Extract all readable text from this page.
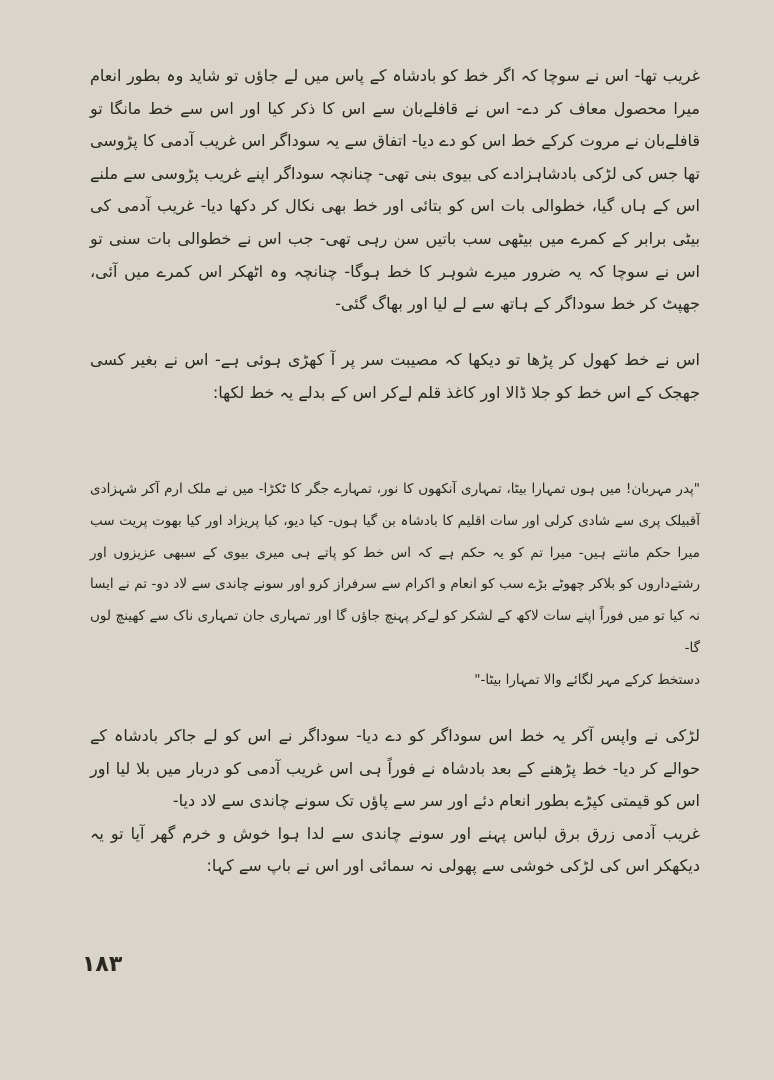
غریب تھا- اس نے سوچا کہ اگر خط کو بادشاہ کے پاس میں لے جاؤں تو شاید وہ بطور انعام میرا محصول معاف کر دے- اس نے قافلےبان سے اس کا ذکر کیا اور اس سے خط مانگا تو قافلےبان نے مروت کرکے خط اس کو دے دیا- اتفاق سے یہ سوداگر اس غریب آدمی کا پڑوسی تھا جس کی لڑکی بادشاہزادے کی بیوی بنی تھی- چنانچہ سوداگر اپنے غریب پڑوسی سے ملنے اس کے ہاں گیا، خطوالی بات اس کو بتائی اور خط بھی نکال کر دکھا دیا- غریب آدمی کی بیٹی برابر کے کمرے میں بیٹھی سب باتیں سن رہی تھی- جب اس نے خطوالی بات سنی تو اس نے سوچا کہ یہ ضرور میرے شوہر کا خط ہوگا- چنانچہ وہ اٹھکر اس کمرے میں آئی، جھپٹ کر خط سوداگر کے ہاتھ سے لے لیا اور بھاگ گئی-

اس نے خط کھول کر پڑھا تو دیکھا کہ مصیبت سر پر آ کھڑی ہوئی ہے- اس نے بغیر کسی جھجک کے اس خط کو جلا ڈالا اور کاغذ قلم لےکر اس کے بدلے یہ خط لکھا:

"پدر مہربان! میں ہوں تمہارا بیٹا، تمہاری آنکھوں کا نور، تمہارے جگر کا ٹکڑا- میں نے ملک ارم آکر شہزادی آقبیلک پری سے شادی کرلی اور سات اقلیم کا بادشاہ بن گیا ہوں- کیا دیو، کیا پریزاد اور کیا بھوت پریت سب میرا حکم مانتے ہیں- میرا تم کو یہ حکم ہے کہ اس خط کو پاتے ہی میری بیوی کے سبھی عزیزوں اور رشتےداروں کو بلاکر چھوٹے بڑے سب کو انعام و اکرام سے سرفراز کرو اور سونے چاندی سے لاد دو- تم نے ایسا نہ کیا تو میں فوراً اپنے سات لاکھ کے لشکر کو لےکر پہنچ جاؤں گا اور تمہاری جان تمہاری ناک سے کھینچ لوں گا-
دستخط کرکے مہر لگائے والا تمہارا بیٹا-"

لڑکی نے واپس آکر یہ خط اس سوداگر کو دے دیا- سوداگر نے اس کو لے جاکر بادشاہ کے حوالے کر دیا- خط پڑھنے کے بعد بادشاہ نے فوراً ہی اس غریب آدمی کو دربار میں بلا لیا اور اس کو قیمتی کپڑے بطور انعام دئے اور سر سے پاؤں تک سونے چاندی سے لاد دیا-

غریب آدمی زرق برق لباس پہنے اور سونے چاندی سے لدا ہوا خوش و خرم گھر آیا تو یہ دیکھکر اس کی لڑکی خوشی سے پھولی نہ سمائی اور اس نے باپ سے کہا:

١٨٣
